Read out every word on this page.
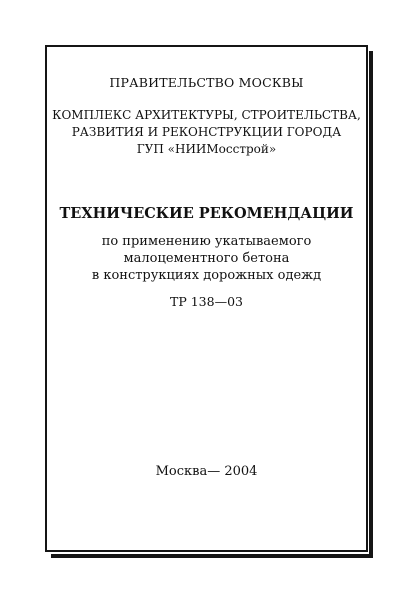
ПРАВИТЕЛЬСТВО МОСКВЫ
КОМПЛЕКС АРХИТЕКТУРЫ, СТРОИТЕЛЬСТВА,
РАЗВИТИЯ И РЕКОНСТРУКЦИИ ГОРОДА
ГУП «НИИМосстрой»
ТЕХНИЧЕСКИЕ РЕКОМЕНДАЦИИ
по применению укатываемого
малоцементного бетона
в конструкциях дорожных одежд
ТР 138—03
Москва— 2004
